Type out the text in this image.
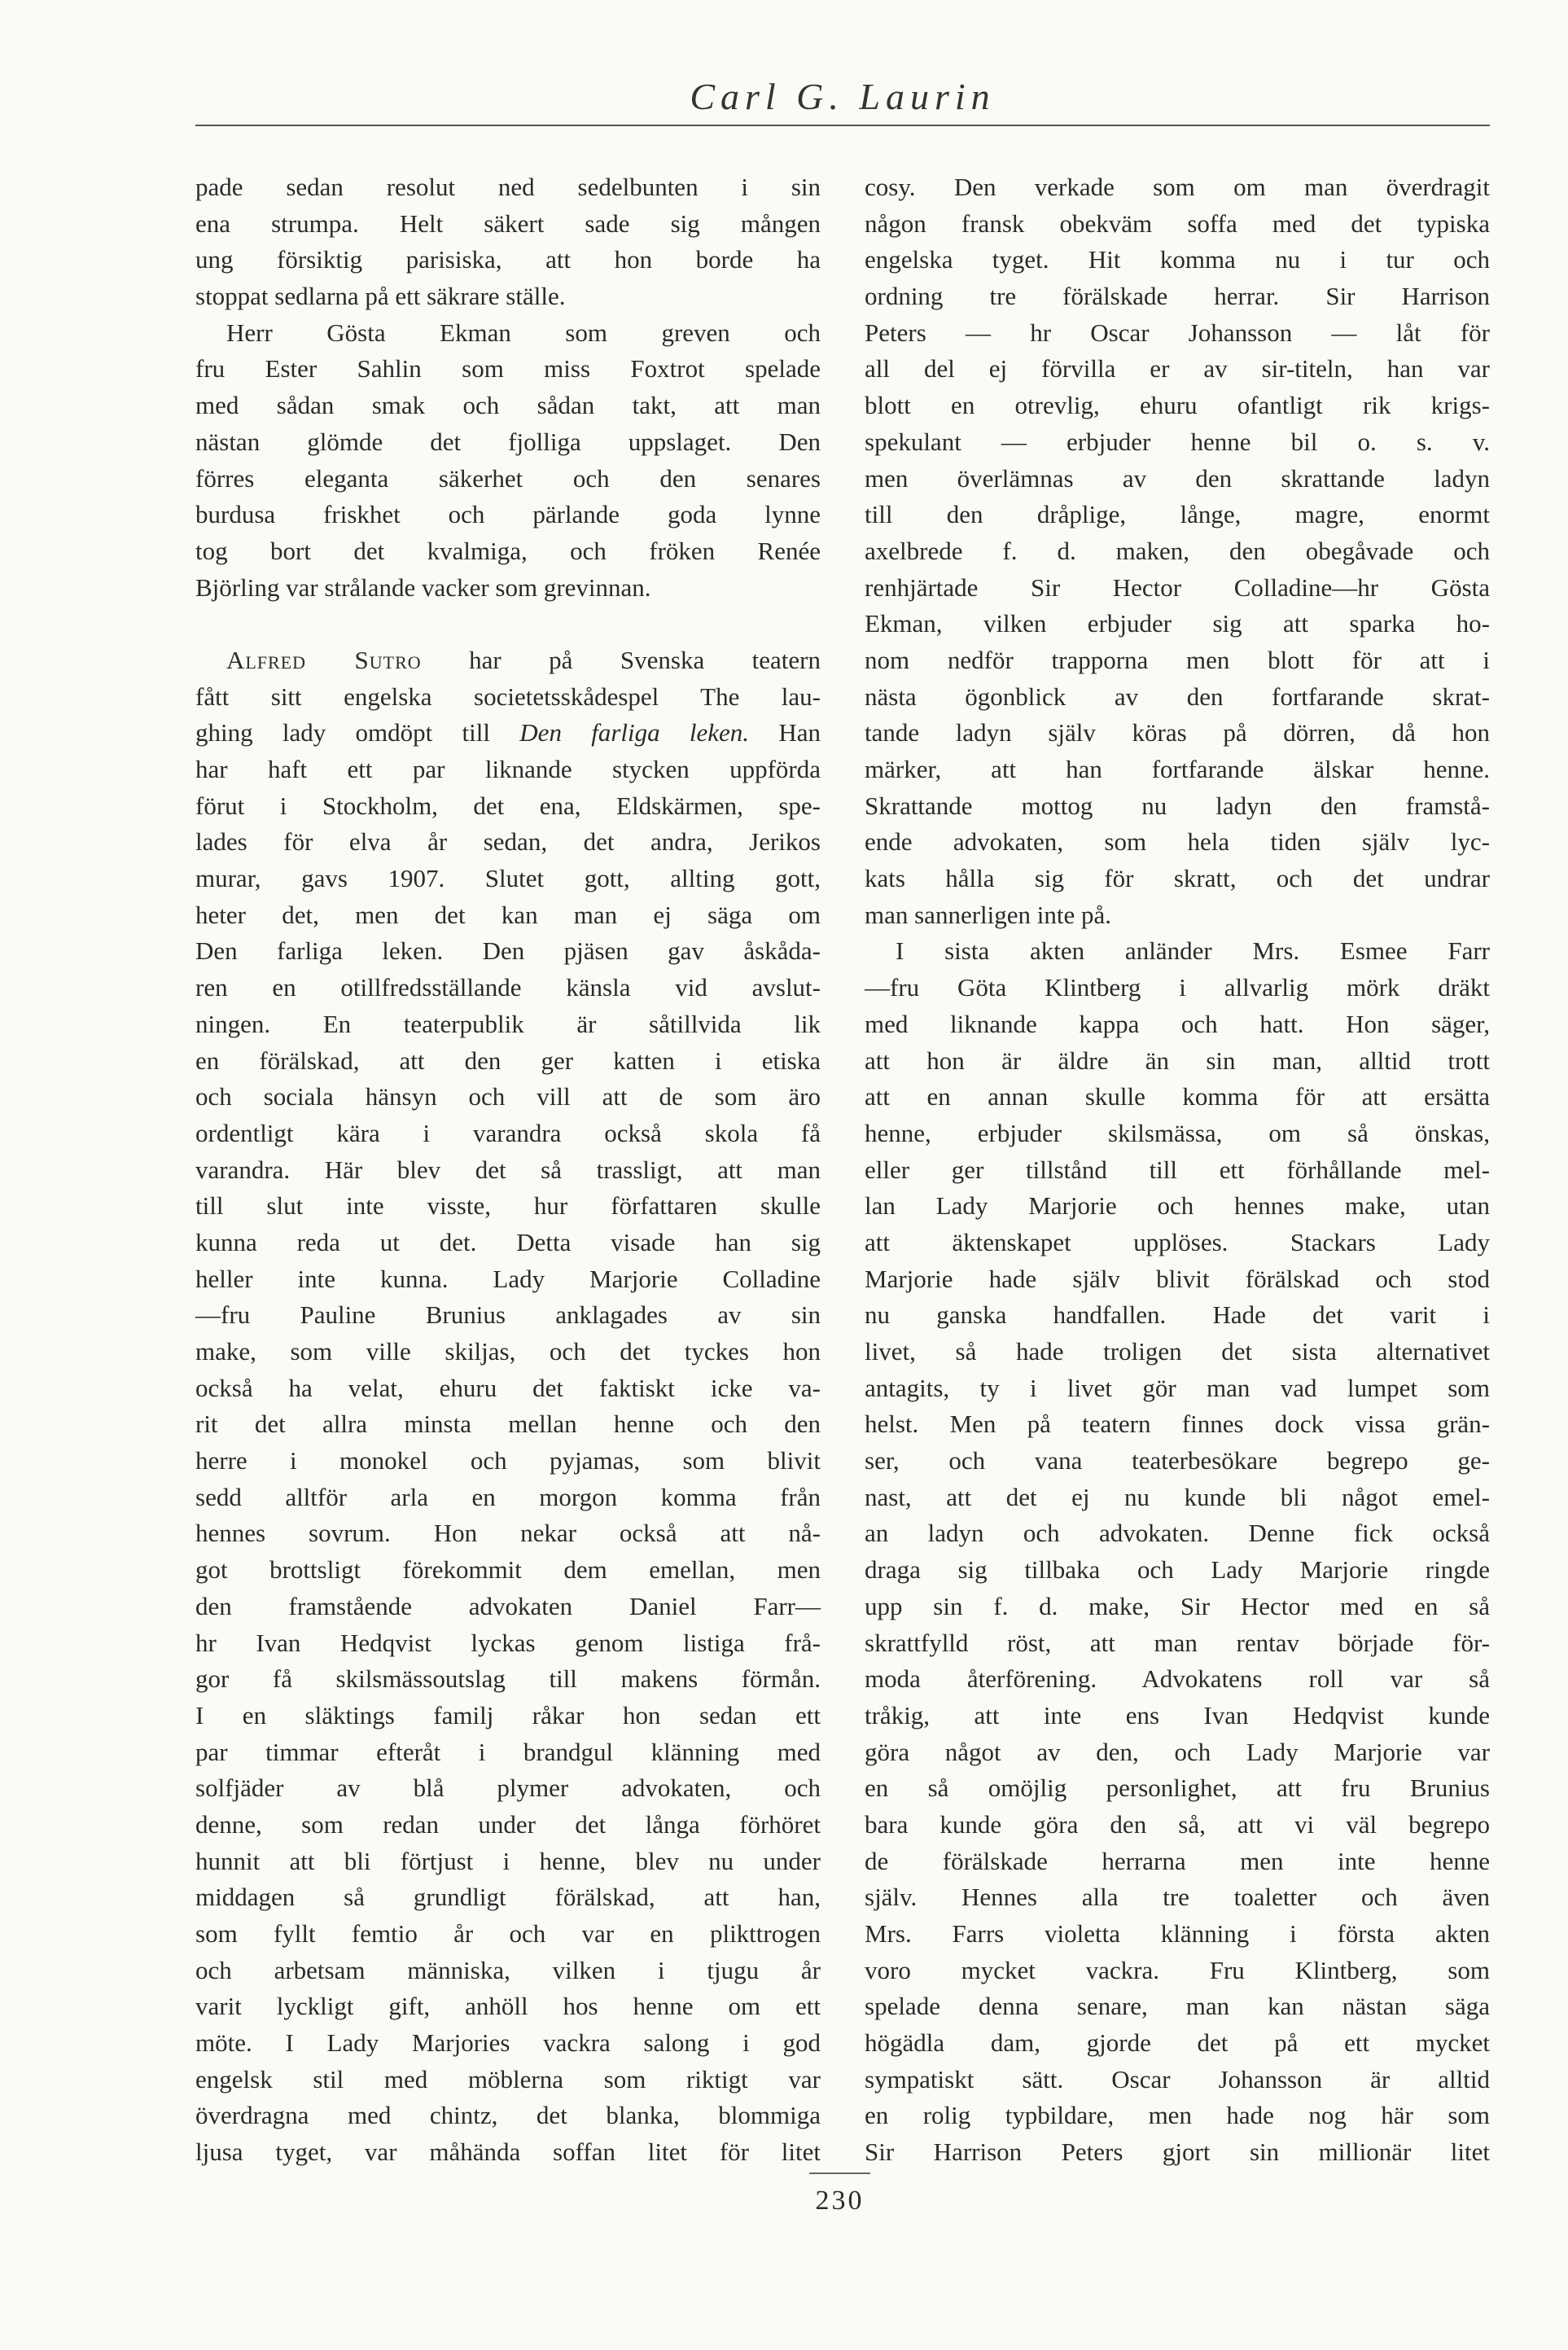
Carl G. Laurin
pade sedan resolut ned sedelbunten i sin
ena strumpa. Helt säkert sade sig mången
ung försiktig parisiska, att hon borde ha
stoppat sedlarna på ett säkrare ställe.
Herr Gösta Ekman som greven och
fru Ester Sahlin som miss Foxtrot spelade
med sådan smak och sådan takt, att man
nästan glömde det fjolliga uppslaget. Den
förres eleganta säkerhet och den senares
burdusa friskhet och pärlande goda lynne
tog bort det kvalmiga, och fröken Renée
Björling var strålande vacker som grevinnan.
Alfred Sutro har på Svenska teatern
fått sitt engelska societetsskådespel The lau-
ghing lady omdöpt till Den farliga leken. Han
har haft ett par liknande stycken uppförda
förut i Stockholm, det ena, Eldskärmen, spe-
lades för elva år sedan, det andra, Jerikos
murar, gavs 1907. Slutet gott, allting gott,
heter det, men det kan man ej säga om
Den farliga leken. Den pjäsen gav åskåda-
ren en otillfredsställande känsla vid avslut-
ningen. En teaterpublik är såtillvida lik
en förälskad, att den ger katten i etiska
och sociala hänsyn och vill att de som äro
ordentligt kära i varandra också skola få
varandra. Här blev det så trassligt, att man
till slut inte visste, hur författaren skulle
kunna reda ut det. Detta visade han sig
heller inte kunna. Lady Marjorie Colladine
—fru Pauline Brunius anklagades av sin
make, som ville skiljas, och det tyckes hon
också ha velat, ehuru det faktiskt icke va-
rit det allra minsta mellan henne och den
herre i monokel och pyjamas, som blivit
sedd alltför arla en morgon komma från
hennes sovrum. Hon nekar också att nå-
got brottsligt förekommit dem emellan, men
den framstående advokaten Daniel Farr—
hr Ivan Hedqvist lyckas genom listiga frå-
gor få skilsmässoutslag till makens förmån.
I en släktings familj råkar hon sedan ett
par timmar efteråt i brandgul klänning med
solfjäder av blå plymer advokaten, och
denne, som redan under det långa förhöret
hunnit att bli förtjust i henne, blev nu under
middagen så grundligt förälskad, att han,
som fyllt femtio år och var en plikttrogen
och arbetsam människa, vilken i tjugu år
varit lyckligt gift, anhöll hos henne om ett
möte. I Lady Marjories vackra salong i god
engelsk stil med möblerna som riktigt var
överdragna med chintz, det blanka, blommiga
ljusa tyget, var måhända soffan litet för litet
cosy. Den verkade som om man överdragit
någon fransk obekväm soffa med det typiska
engelska tyget. Hit komma nu i tur och
ordning tre förälskade herrar. Sir Harrison
Peters — hr Oscar Johansson — låt för
all del ej förvilla er av sir-titeln, han var
blott en otrevlig, ehuru ofantligt rik krigs-
spekulant — erbjuder henne bil o. s. v.
men överlämnas av den skrattande ladyn
till den dråplige, långe, magre, enormt
axelbrede f. d. maken, den obegåvade och
renhjärtade Sir Hector Colladine—hr Gösta
Ekman, vilken erbjuder sig att sparka ho-
nom nedför trapporna men blott för att i
nästa ögonblick av den fortfarande skrat-
tande ladyn själv köras på dörren, då hon
märker, att han fortfarande älskar henne.
Skrattande mottog nu ladyn den framstå-
ende advokaten, som hela tiden själv lyc-
kats hålla sig för skratt, och det undrar
man sannerligen inte på.
I sista akten anländer Mrs. Esmee Farr
—fru Göta Klintberg i allvarlig mörk dräkt
med liknande kappa och hatt. Hon säger,
att hon är äldre än sin man, alltid trott
att en annan skulle komma för att ersätta
henne, erbjuder skilsmässa, om så önskas,
eller ger tillstånd till ett förhållande mel-
lan Lady Marjorie och hennes make, utan
att äktenskapet upplöses. Stackars Lady
Marjorie hade själv blivit förälskad och stod
nu ganska handfallen. Hade det varit i
livet, så hade troligen det sista alternativet
antagits, ty i livet gör man vad lumpet som
helst. Men på teatern finnes dock vissa grän-
ser, och vana teaterbesökare begrepo ge-
nast, att det ej nu kunde bli något emel-
an ladyn och advokaten. Denne fick också
draga sig tillbaka och Lady Marjorie ringde
upp sin f. d. make, Sir Hector med en så
skrattfylld röst, att man rentav började för-
moda återförening. Advokatens roll var så
tråkig, att inte ens Ivan Hedqvist kunde
göra något av den, och Lady Marjorie var
en så omöjlig personlighet, att fru Brunius
bara kunde göra den så, att vi väl begrepo
de förälskade herrarna men inte henne
själv. Hennes alla tre toaletter och även
Mrs. Farrs violetta klänning i första akten
voro mycket vackra. Fru Klintberg, som
spelade denna senare, man kan nästan säga
högädla dam, gjorde det på ett mycket
sympatiskt sätt. Oscar Johansson är alltid
en rolig typbildare, men hade nog här som
Sir Harrison Peters gjort sin millionär litet
230
